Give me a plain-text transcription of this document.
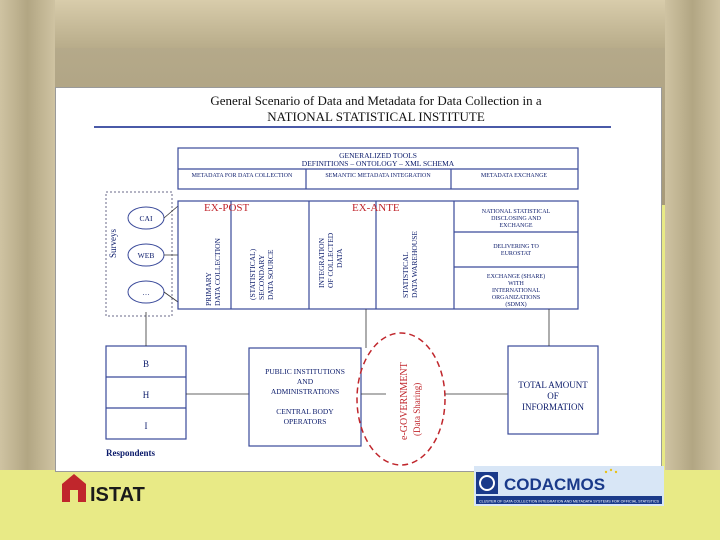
General Scenario of Data and Metadata for Data Collection in a
NATIONAL STATISTICAL INSTITUTE
GENERALIZED TOOLS
DEFINITIONS – ONTOLOGY – XML SCHEMA
METADATA FOR DATA COLLECTION	SEMANTIC METADATA INTEGRATION	METADATA EXCHANGE
Surveys
CAI
WEB
…
EX-POST	EX-ANTE
PRIMARY DATA COLLECTION	(STATISTICAL) SECONDARY DATA SOURCE	INTEGRATION OF COLLECTED DATA	STATISTICAL DATA WAREHOUSE
NATIONAL STATISTICAL
DISCLOSING AND
EXCHANGE
DELIVERING TO
EUROSTAT
EXCHANGE (SHARE)
WITH
INTERNATIONAL
ORGANIZATIONS
(SDMX)
B
H
I
Respondents
PUBLIC INSTITUTIONS
AND
ADMINISTRATIONS
CENTRAL BODY
OPERATORS	e-GOVERNMENT (Data Sharing)	TOTAL AMOUNT
OF
INFORMATION
ISTAT	CODACMOS
CLUSTER OF DATA COLLECTION INTEGRATION AND METADATA SYSTEMS FOR OFFICIAL STATISTICS
